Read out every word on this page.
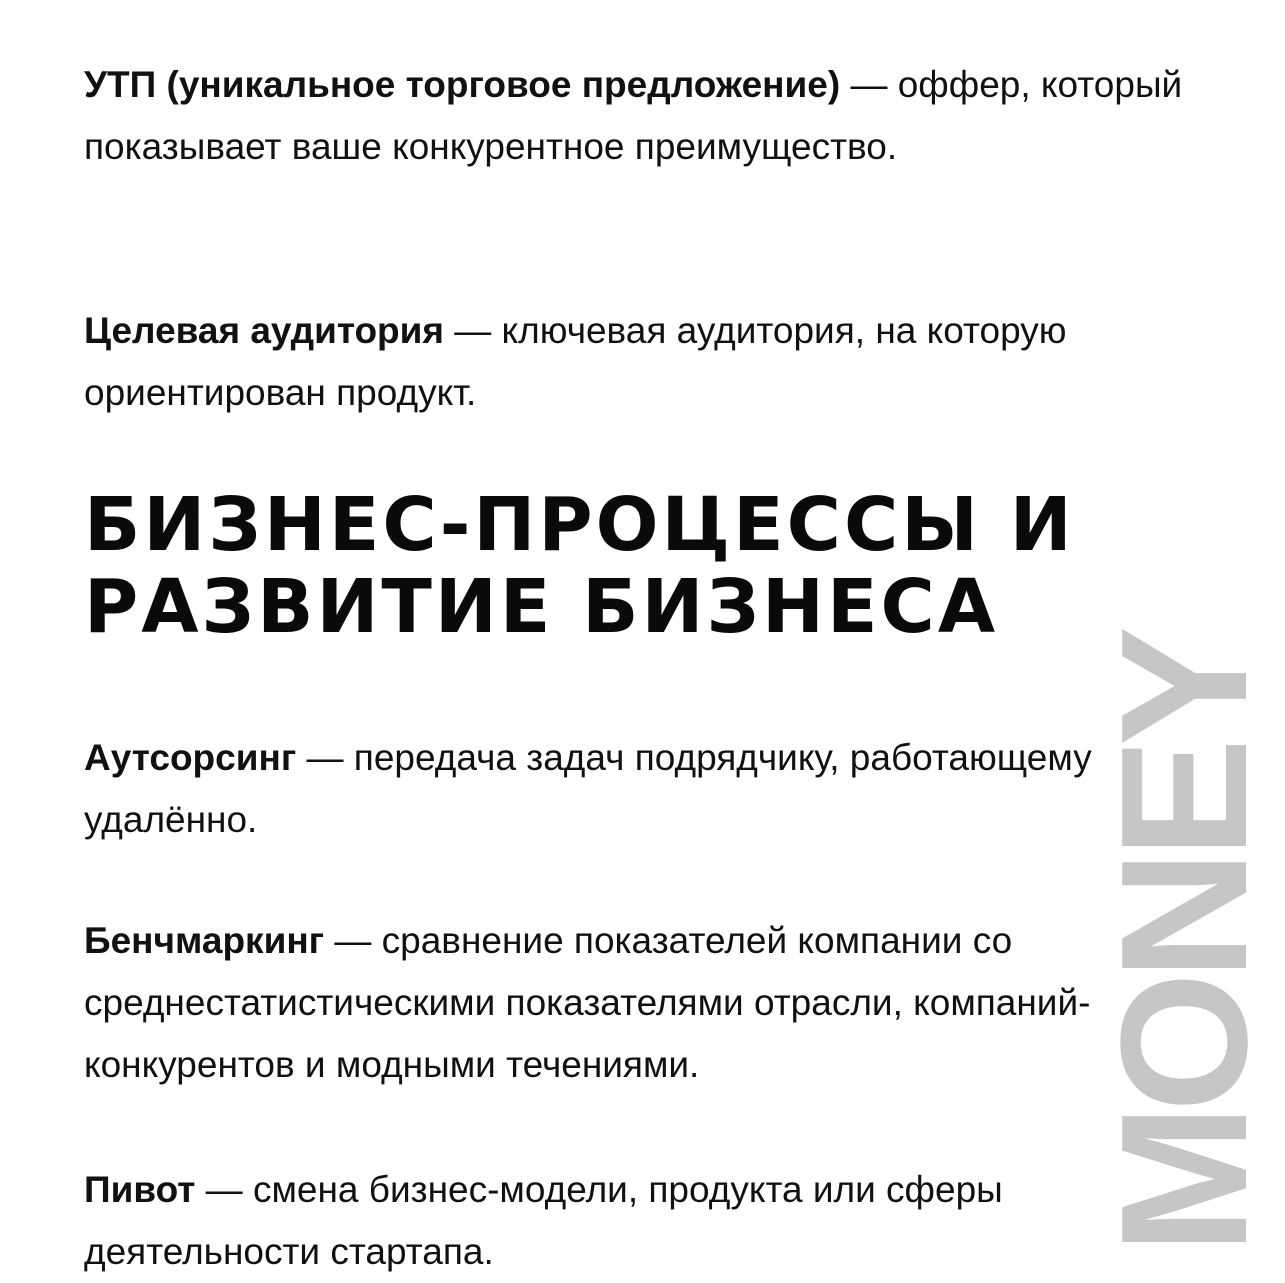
УТП (уникальное торговое предложение) — оффер, который показывает ваше конкурентное преимущество.

Целевая аудитория — ключевая аудитория, на которую ориентирован продукт.

БИЗНЕС-ПРОЦЕССЫ И
РАЗВИТИЕ БИЗНЕСА

Аутсорсинг — передача задач подрядчику, работающему удалённо.

Бенчмаркинг — сравнение показателей компании со среднестатистическими показателями отрасли, компаний-конкурентов и модными течениями.

Пивот — смена бизнес-модели, продукта или сферы деятельности стартапа.	MONEY
